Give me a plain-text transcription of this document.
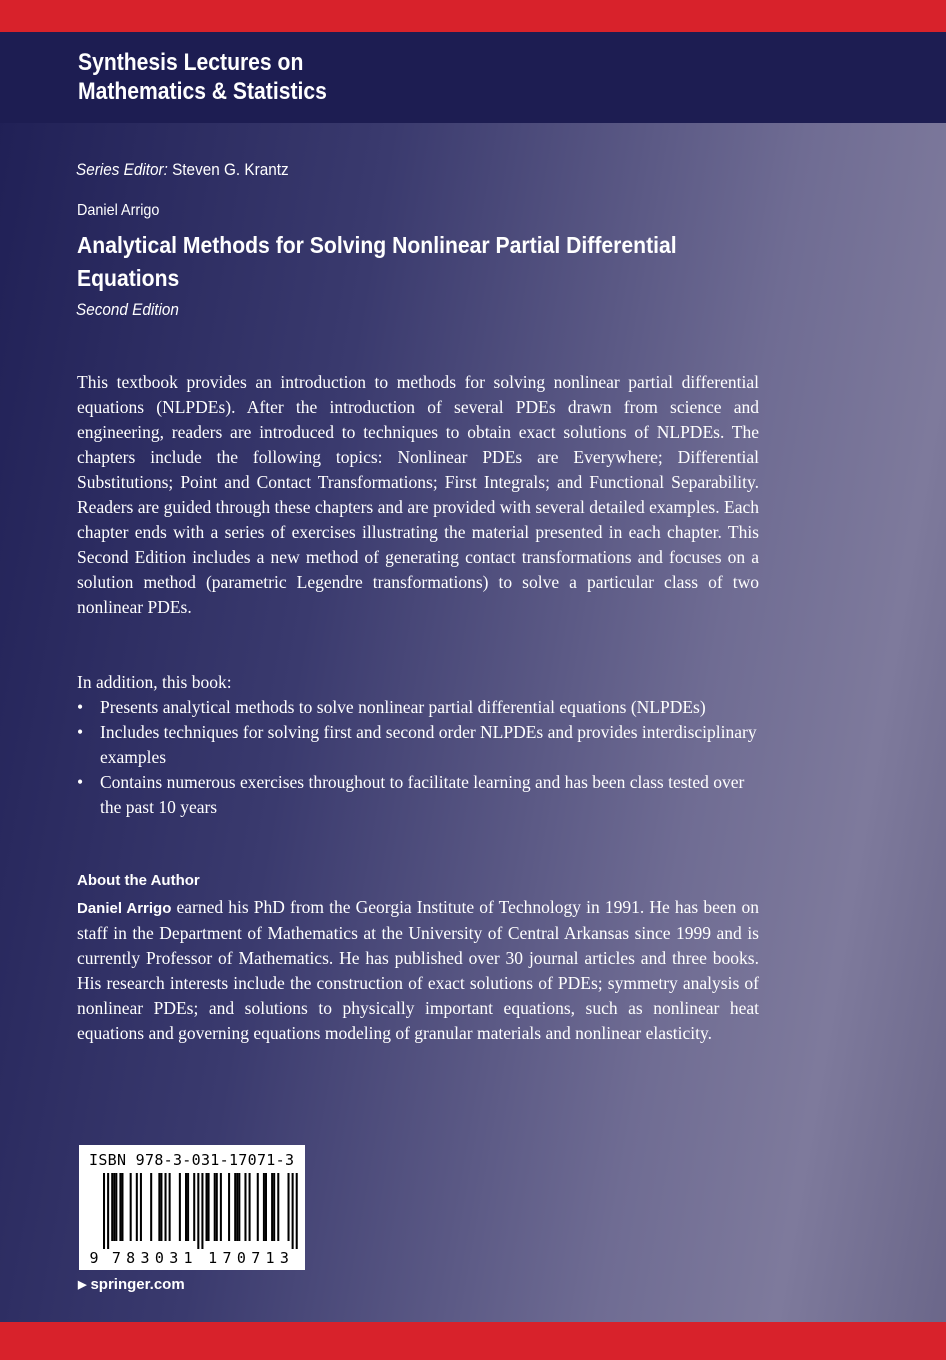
Synthesis Lectures on
Mathematics & Statistics

Series Editor: Steven G. Krantz

Daniel Arrigo

Analytical Methods for Solving Nonlinear Partial Differential Equations

Second Edition

This textbook provides an introduction to methods for solving nonlinear partial differential equations (NLPDEs). After the introduction of several PDEs drawn from science and engineering, readers are introduced to techniques to obtain exact solutions of NLPDEs. The chapters include the following topics: Nonlinear PDEs are Everywhere; Differential Substitutions; Point and Contact Transformations; First Integrals; and Functional Separability. Readers are guided through these chapters and are provided with several detailed examples. Each chapter ends with a series of exercises illustrating the material presented in each chapter. This Second Edition includes a new method of generating contact transformations and focuses on a solution method (parametric Legendre transformations) to solve a particular class of two nonlinear PDEs.

In addition, this book:

• Presents analytical methods to solve nonlinear partial differential equations (NLPDEs)
• Includes techniques for solving first and second order NLPDEs and provides interdisciplinary examples
• Contains numerous exercises throughout to facilitate learning and has been class tested over the past 10 years
About the Author

Daniel Arrigo earned his PhD from the Georgia Institute of Technology in 1991. He has been on staff in the Department of Mathematics at the University of Central Arkansas since 1999 and is currently Professor of Mathematics. He has published over 30 journal articles and three books. His research interests include the construction of exact solutions of PDEs; symmetry analysis of nonlinear PDEs; and solutions to physically important equations, such as nonlinear heat equations and governing equations modeling of granular materials and nonlinear elasticity.

ISBN 978-3-031-17071-3

9 7 8 3 0 3 1 1 7 0 7 1 3

▶ springer.com
